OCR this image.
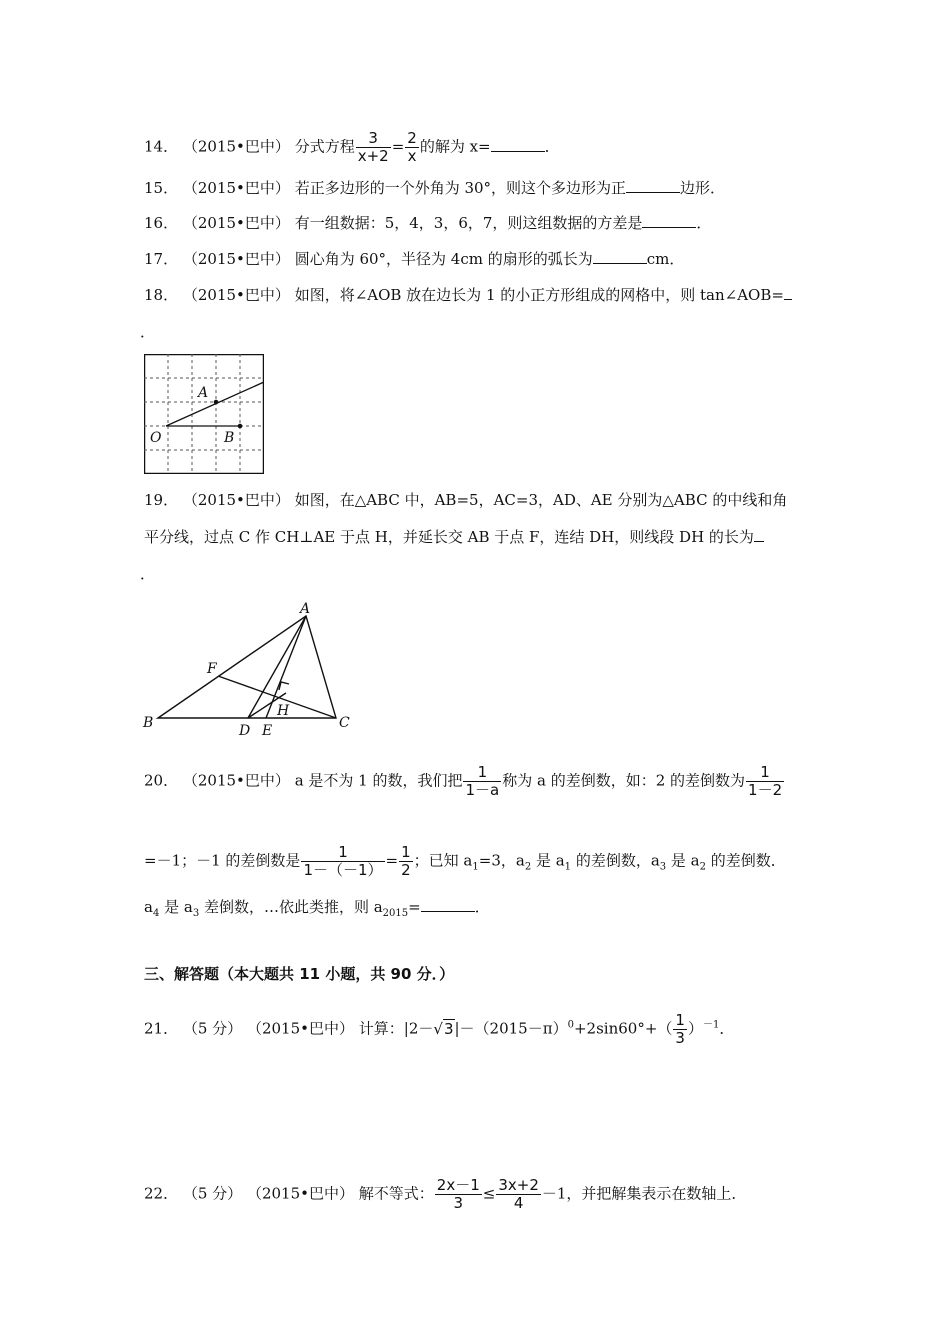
14． （2015•巴中） 分式方程 $\frac{3}{x+2} = \frac{2}{x}$ 的解为 x=	．
15． （2015•巴中） 若正多边形的一个外角为 30°，则这个多边形为正	边形．
16． （2015•巴中） 有一组数据：5，4，3，6，7，则这组数据的方差是	．
17． （2015•巴中） 圆心角为 60°，半径为 4cm 的扇形的弧长为	cm．
18． （2015•巴中） 如图，将∠AOB 放在边长为 1 的小正方形组成的网格中，则 tan∠AOB=
．
A
O	B
19． （2015•巴中） 如图，在△ABC 中，AB=5，AC=3，AD、AE 分别为△ABC 的中线和角
平分线，过点 C 作 CH⊥AE 于点 H，并延长交 AB 于点 F，连结 DH，则线段 DH 的长为
．
A
B	C
D E
F
H
20． （2015•巴中） a 是不为 1 的数，我们把 $\frac{1}{1-a}$ 称为 a 的差倒数，如：2 的差倒数为 $\frac{1}{1-2}$
=－1；－1 的差倒数是 $\frac{1}{1-(-1)} = \frac{1}{2}$ ；已知 $a_1=3$，$a_2$ 是 $a_1$ 的差倒数，$a_3$ 是 $a_2$ 的差倒数．
$a_4$ 是 $a_3$ 差倒数，…依此类推，则 $a_{2015}=$	．
三、解答题（本大题共 11 小题，共 90 分．）
21． （5 分） （2015•巴中） 计算：$|2-√3|-(2015-\pi)^0+2\sin 60^\circ+( \frac{1}{3} )^{-1}$．
22． （5 分） （2015•巴中） 解不等式： $\frac{2x-1}{3} \le \frac{3x+2}{4} -1$，并把解集表示在数轴上．
